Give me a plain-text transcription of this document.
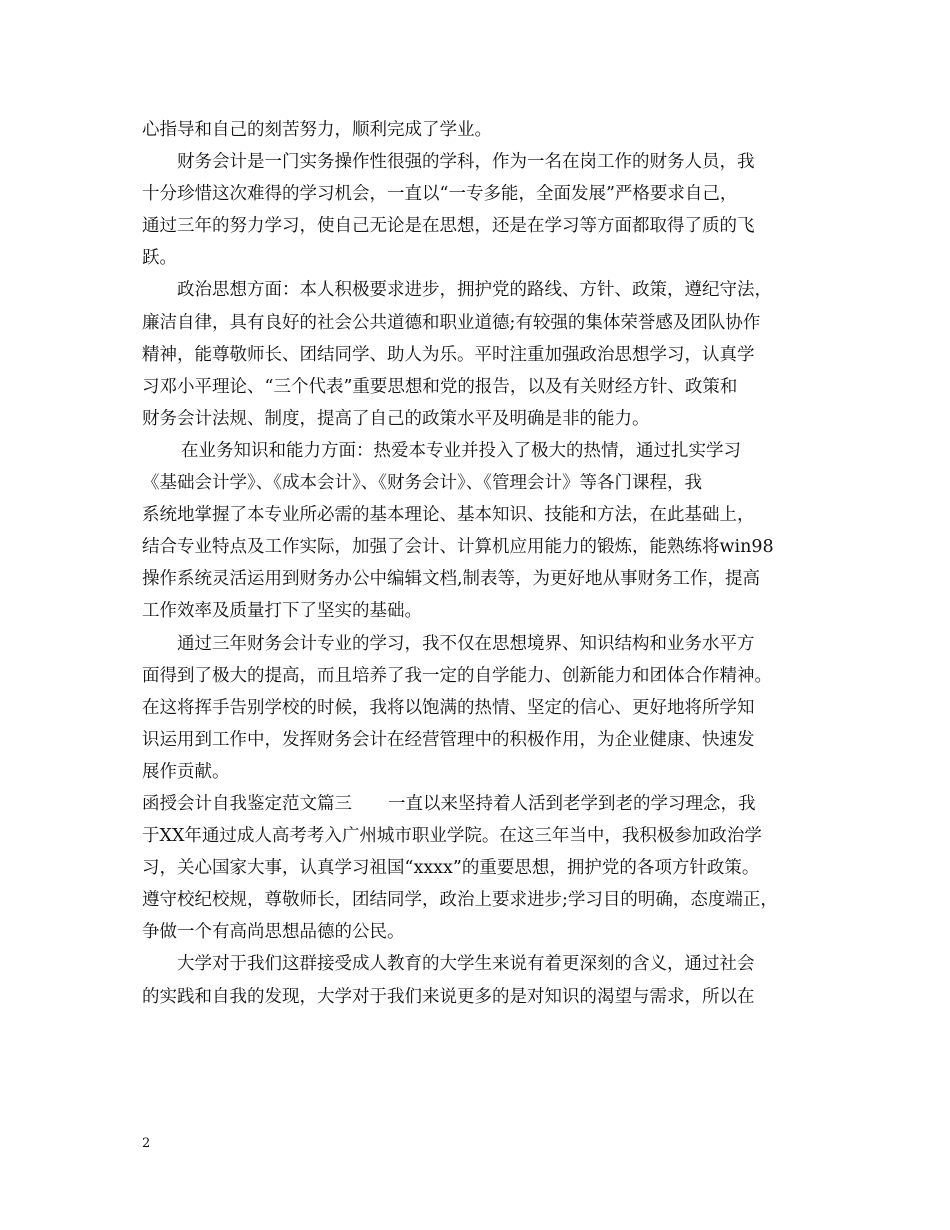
心指导和自己的刻苦努力，顺利完成了学业。
财务会计是一门实务操作性很强的学科，作为一名在岗工作的财务人员，我
十分珍惜这次难得的学习机会，一直以“一专多能，全面发展”严格要求自己，
通过三年的努力学习，使自己无论是在思想，还是在学习等方面都取得了质的飞
跃。
政治思想方面：本人积极要求进步，拥护党的路线、方针、政策，遵纪守法，
廉洁自律，具有良好的社会公共道德和职业道德;有较强的集体荣誉感及团队协作
精神，能尊敬师长、团结同学、助人为乐。平时注重加强政治思想学习，认真学
习邓小平理论、“三个代表”重要思想和党的报告，以及有关财经方针、政策和
财务会计法规、制度，提高了自己的政策水平及明确是非的能力。
在业务知识和能力方面：热爱本专业并投入了极大的热情，通过扎实学习
《基础会计学》、《成本会计》、《财务会计》、《管理会计》等各门课程，我
系统地掌握了本专业所必需的基本理论、基本知识、技能和方法，在此基础上，
结合专业特点及工作实际，加强了会计、计算机应用能力的锻炼，能熟练将win98
操作系统灵活运用到财务办公中编辑文档,制表等，为更好地从事财务工作，提高
工作效率及质量打下了坚实的基础。
通过三年财务会计专业的学习，我不仅在思想境界、知识结构和业务水平方
面得到了极大的提高，而且培养了我一定的自学能力、创新能力和团体合作精神。
在这将挥手告别学校的时候，我将以饱满的热情、坚定的信心、更好地将所学知
识运用到工作中，发挥财务会计在经营管理中的积极作用，为企业健康、快速发
展作贡献。
函授会计自我鉴定范文篇三 一直以来坚持着人活到老学到老的学习理念，我
于XX年通过成人高考考入广州城市职业学院。在这三年当中，我积极参加政治学
习，关心国家大事，认真学习祖国“xxxx”的重要思想，拥护党的各项方针政策。
遵守校纪校规，尊敬师长，团结同学，政治上要求进步;学习目的明确，态度端正，
争做一个有高尚思想品德的公民。
大学对于我们这群接受成人教育的大学生来说有着更深刻的含义，通过社会
的实践和自我的发现，大学对于我们来说更多的是对知识的渴望与需求，所以在
2
